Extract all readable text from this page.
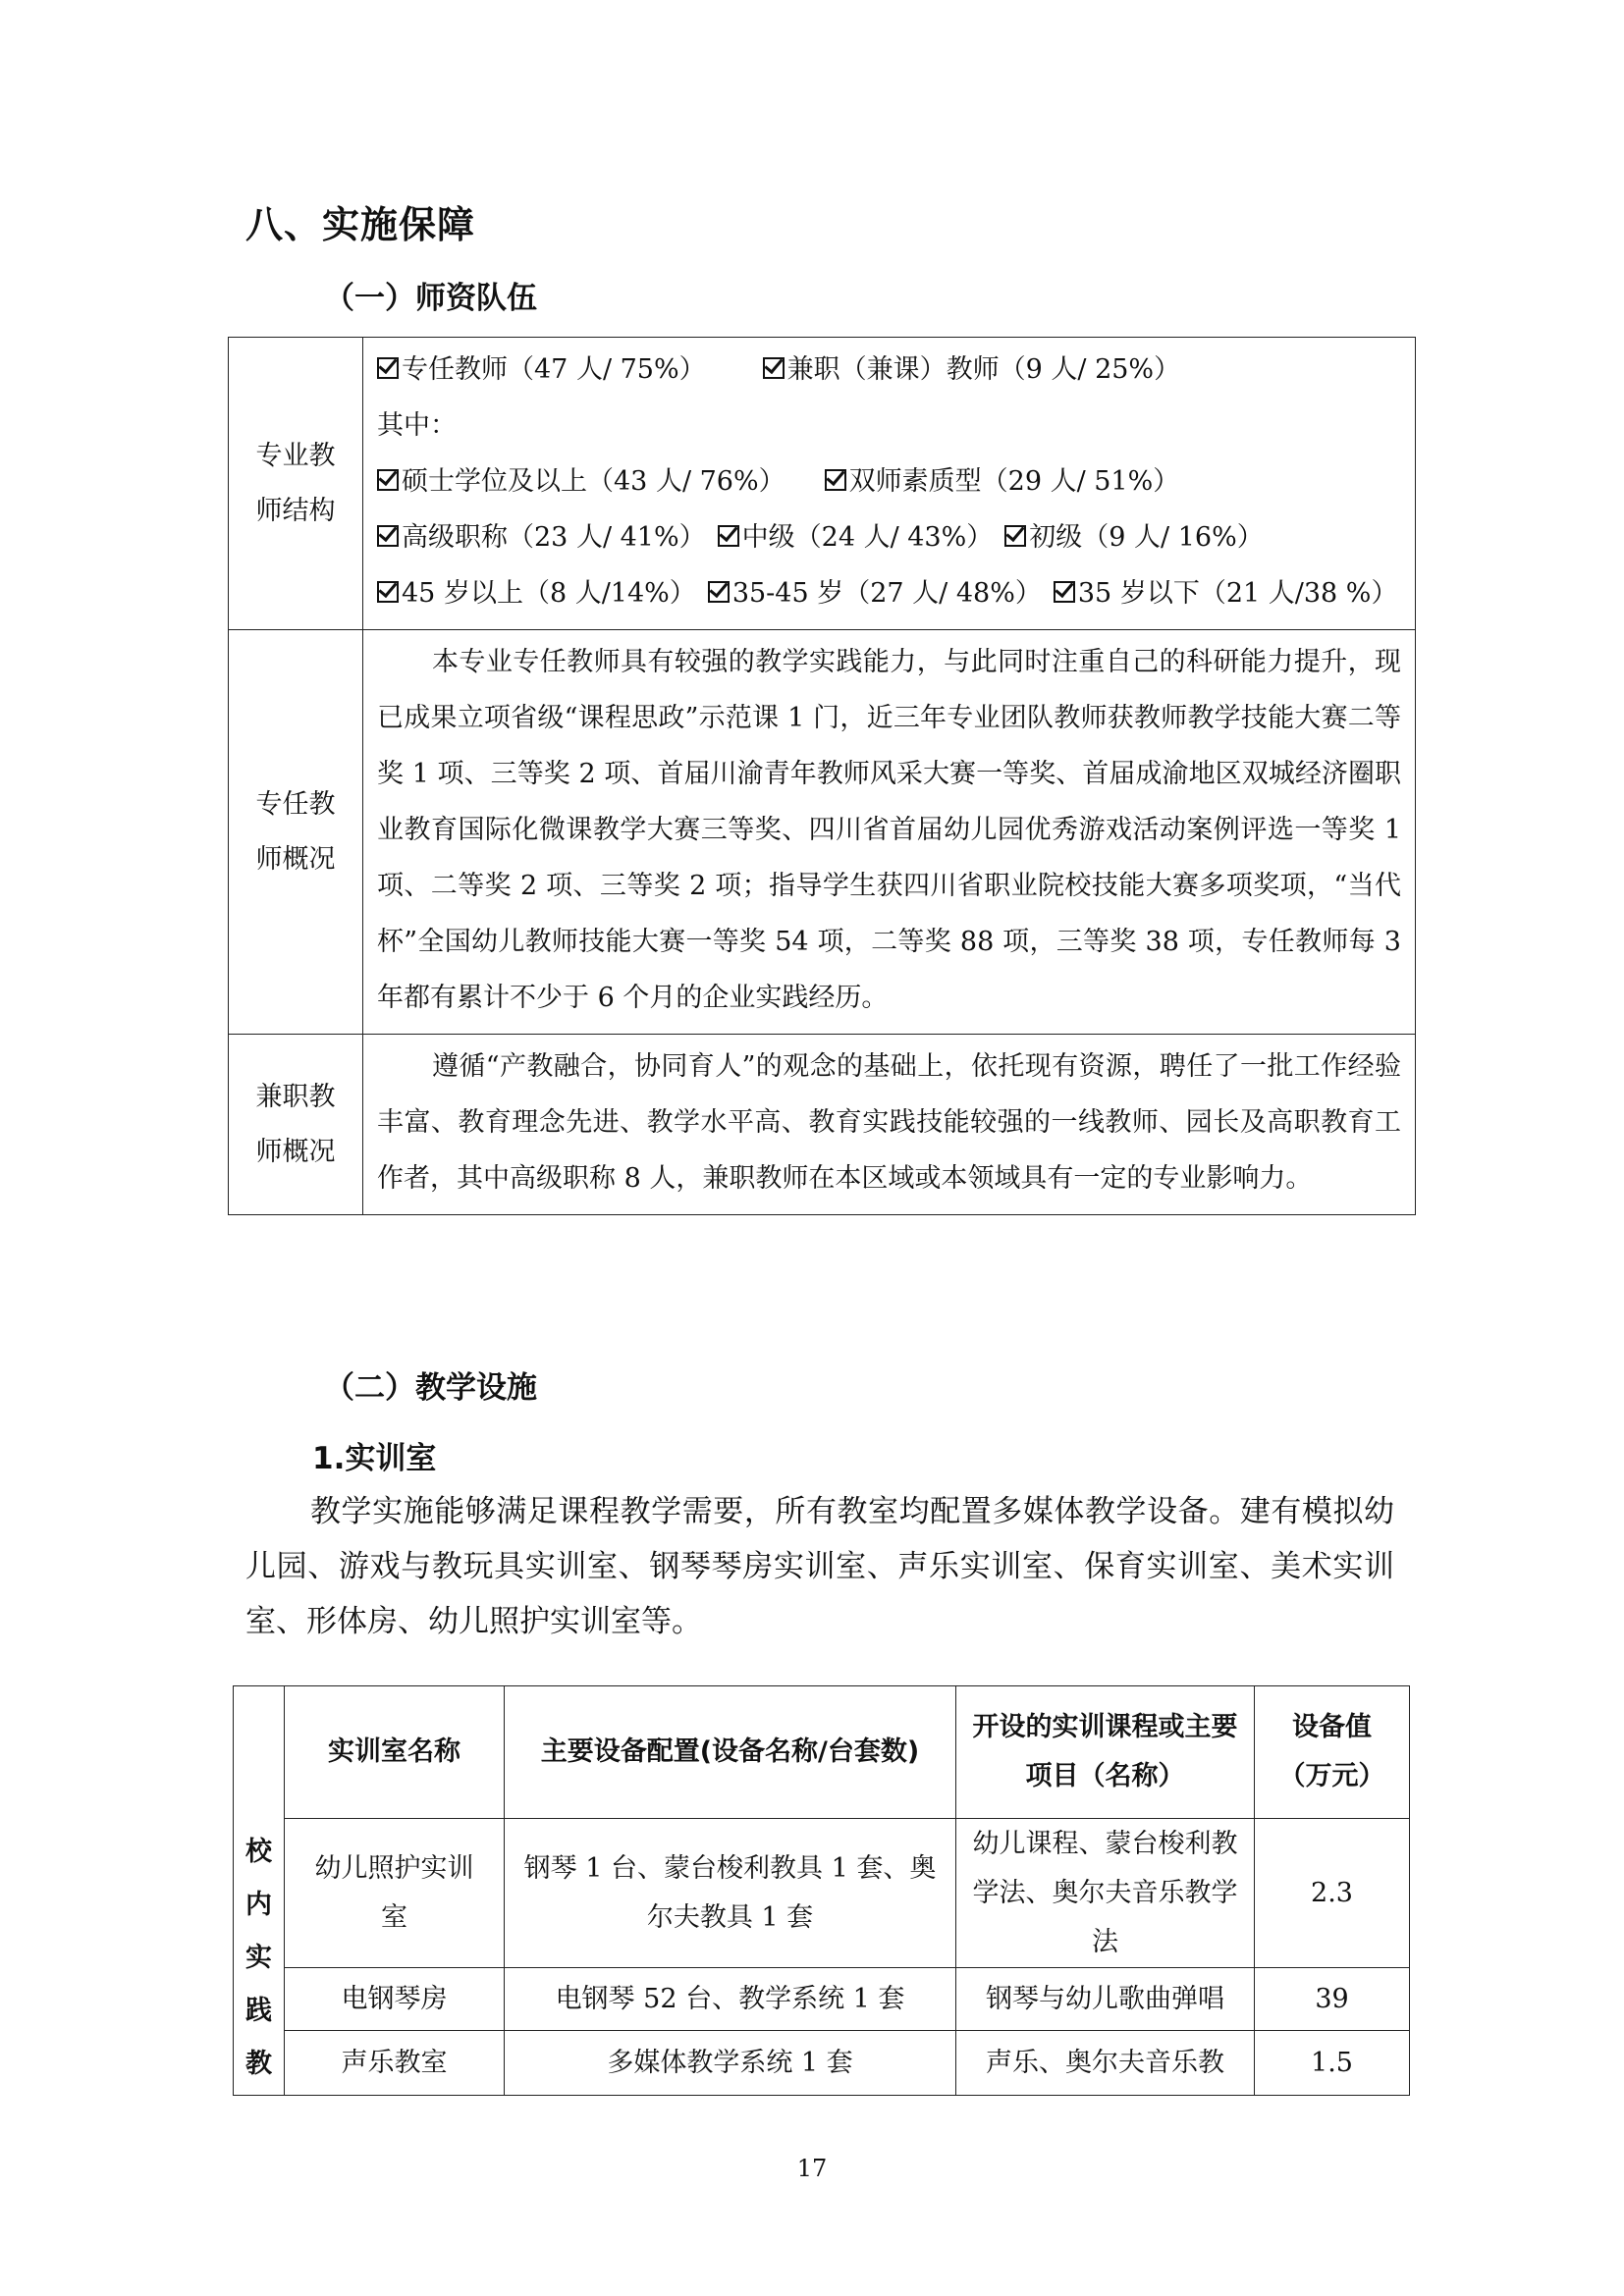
八、实施保障
（一）师资队伍
专业教师结构	专任教师（47 人/ 75%） 兼职（兼课）教师（9 人/ 25%）
其中：
硕士学位及以上（43 人/ 76%） 双师素质型（29 人/ 51%）
高级职称（23 人/ 41%） 中级（24 人/ 43%） 初级（9 人/ 16%）
45 岁以上（8 人/14%） 35-45 岁（27 人/ 48%） 35 岁以下（21 人/38 %）

专任教师概况	本专业专任教师具有较强的教学实践能力，与此同时注重自己的科研能力提升，现已成果立项省级“课程思政”示范课 1 门，近三年专业团队教师获教师教学技能大赛二等奖 1 项、三等奖 2 项、首届川渝青年教师风采大赛一等奖、首届成渝地区双城经济圈职业教育国际化微课教学大赛三等奖、四川省首届幼儿园优秀游戏活动案例评选一等奖 1 项、二等奖 2 项、三等奖 2 项；指导学生获四川省职业院校技能大赛多项奖项，“当代杯”全国幼儿教师技能大赛一等奖 54 项，二等奖 88 项，三等奖 38 项，专任教师每 3 年都有累计不少于 6 个月的企业实践经历。

兼职教师概况	遵循“产教融合，协同育人”的观念的基础上，依托现有资源，聘任了一批工作经验丰富、教育理念先进、教学水平高、教育实践技能较强的一线教师、园长及高职教育工作者，其中高级职称 8 人，兼职教师在本区域或本领域具有一定的专业影响力。

（二）教学设施
1.实训室
教学实施能够满足课程教学需要，所有教室均配置多媒体教学设备。建有模拟幼儿园、游戏与教玩具实训室、钢琴琴房实训室、声乐实训室、保育实训室、美术实训室、形体房、幼儿照护实训室等。
校
内
实
践
教	实训室名称	主要设备配置(设备名称/台套数)	开设的实训课程或主要项目（名称）	设备值（万元）
	幼儿照护实训室	钢琴 1 台、蒙台梭利教具 1 套、奥尔夫教具 1 套	幼儿课程、蒙台梭利教学法、奥尔夫音乐教学法	2.3
	电钢琴房	电钢琴 52 台、教学系统 1 套	钢琴与幼儿歌曲弹唱	39
	声乐教室	多媒体教学系统 1 套	声乐、奥尔夫音乐教	1.5
17
